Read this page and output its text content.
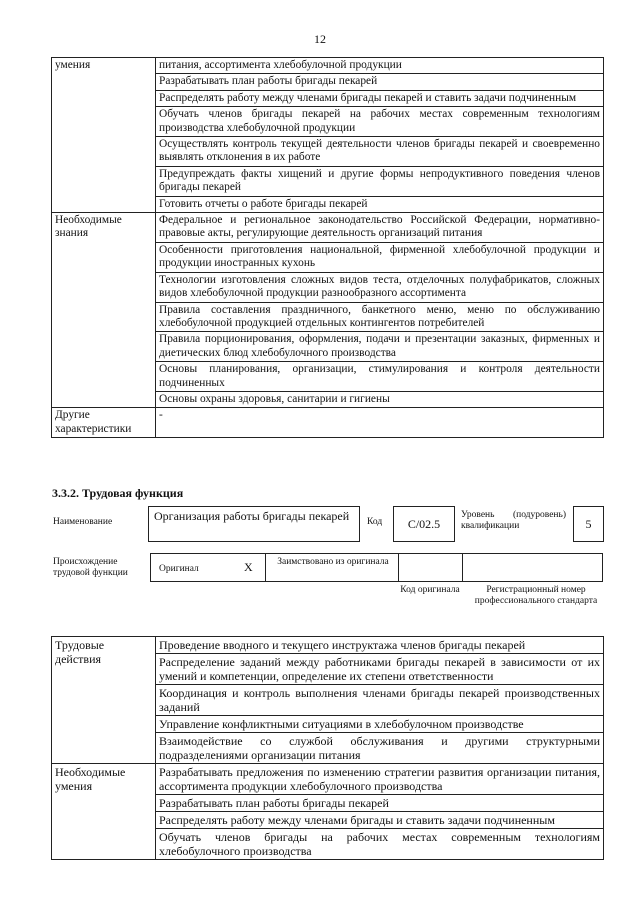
12
умения	питания, ассортимента хлебобулочной продукции
	Разрабатывать план работы бригады пекарей
	Распределять работу между членами бригады пекарей и ставить задачи подчиненным
	Обучать членов бригады пекарей на рабочих местах современным технологиям производства хлебобулочной продукции
	Осуществлять контроль текущей деятельности членов бригады пекарей и своевременно выявлять отклонения в их работе
	Предупреждать факты хищений и другие формы непродуктивного поведения членов бригады пекарей
	Готовить отчеты о работе бригады пекарей
Необходимые знания	Федеральное и региональное законодательство Российской Федерации, нормативно-правовые акты, регулирующие деятельность организаций питания
	Особенности приготовления национальной, фирменной хлебобулочной продукции и продукции иностранных кухонь
	Технологии изготовления сложных видов теста, отделочных полуфабрикатов, сложных видов хлебобулочной продукции разнообразного ассортимента
	Правила составления праздничного, банкетного меню, меню по обслуживанию хлебобулочной продукцией отдельных контингентов потребителей
	Правила порционирования, оформления, подачи и презентации заказных, фирменных и диетических блюд хлебобулочного производства
	Основы планирования, организации, стимулирования и контроля деятельности подчиненных
	Основы охраны здоровья, санитарии и гигиены
Другие характеристики	-
3.3.2. Трудовая функция
Наименование	Организация работы бригады пекарей	Код	С/02.5
Уровень (подуровень) квалификации	5
Происхождение трудовой функции	Оригинал	X	Заимствовано из оригинала
Код оригинала	Регистрационный номер профессионального стандарта
Трудовые действия	Проведение вводного и текущего инструктажа членов бригады пекарей
	Распределение заданий между работниками бригады пекарей в зависимости от их умений и компетенции, определение их степени ответственности
	Координация и контроль выполнения членами бригады пекарей производственных заданий
	Управление конфликтными ситуациями в хлебобулочном производстве
	Взаимодействие со службой обслуживания и другими структурными подразделениями организации питания
Необходимые умения	Разрабатывать предложения по изменению стратегии развития организации питания, ассортимента продукции хлебобулочного производства
	Разрабатывать план работы бригады пекарей
	Распределять работу между членами бригады и ставить задачи подчиненным
	Обучать членов бригады на рабочих местах современным технологиям хлебобулочного производства
